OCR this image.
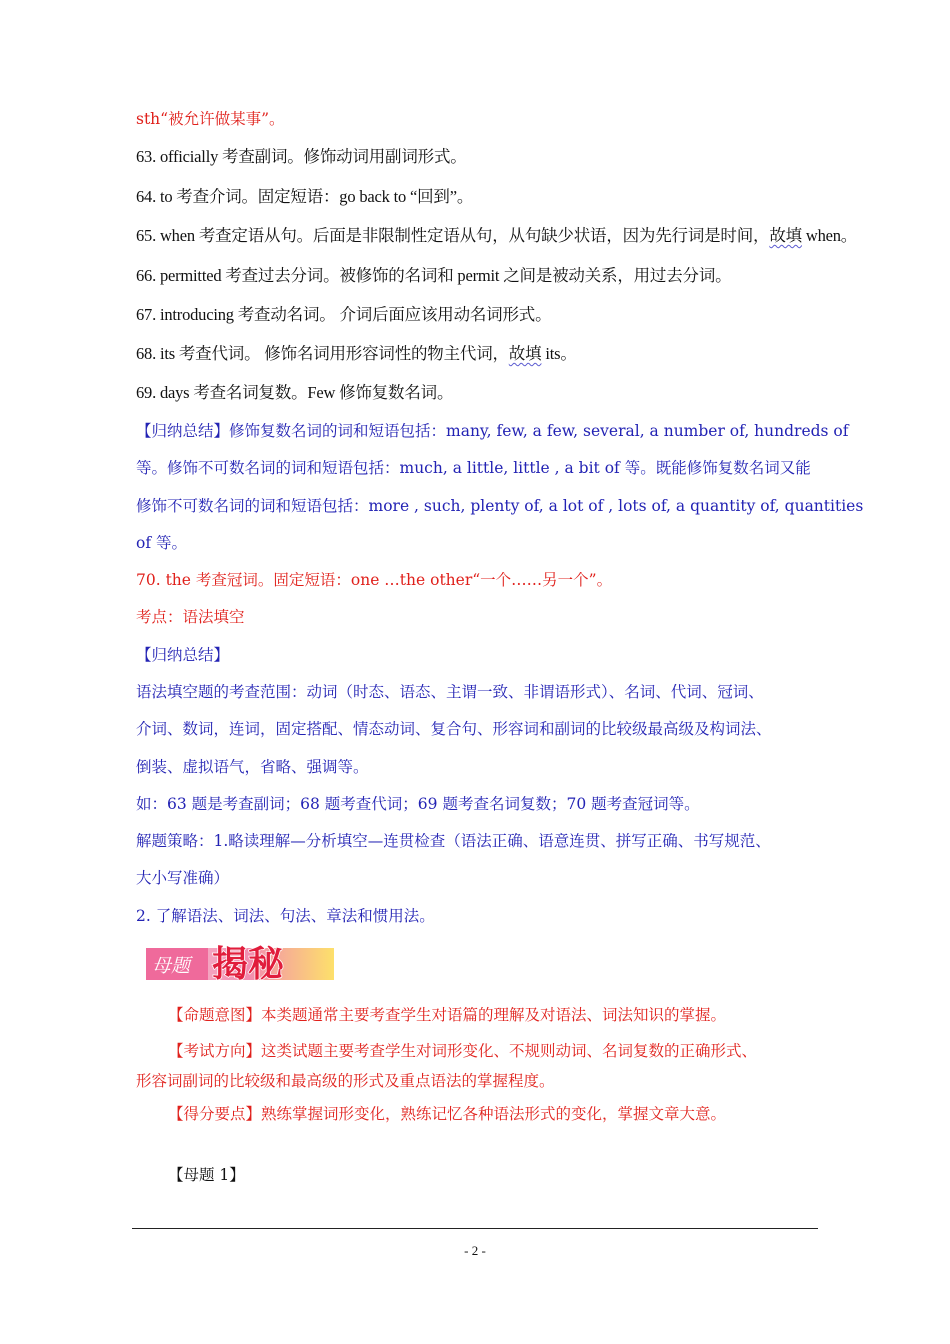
sth“被允许做某事”。
63. officially 考查副词。修饰动词用副词形式。
64. to 考查介词。固定短语：go back to “回到”。
65. when 考查定语从句。后面是非限制性定语从句，从句缺少状语，因为先行词是时间，故填 when。
66. permitted 考查过去分词。被修饰的名词和 permit 之间是被动关系，用过去分词。
67. introducing 考查动名词。 介词后面应该用动名词形式。
68. its 考查代词。 修饰名词用形容词性的物主代词，故填 its。
69. days 考查名词复数。Few 修饰复数名词。
【归纳总结】修饰复数名词的词和短语包括：many, few, a few, several, a number of, hundreds of
等。修饰不可数名词的词和短语包括：much, a little, little , a bit of 等。既能修饰复数名词又能
修饰不可数名词的词和短语包括：more , such, plenty of, a lot of , lots of, a quantity of, quantities
of 等。
70. the 考查冠词。固定短语：one …the other“一个……另一个”。
考点：语法填空
【归纳总结】
语法填空题的考查范围：动词（时态、语态、主谓一致、非谓语形式）、名词、代词、冠词、
介词、数词，连词，固定搭配、情态动词、复合句、形容词和副词的比较级最高级及构词法、
倒装、虚拟语气，省略、强调等。
如：63 题是考查副词；68 题考查代词；69 题考查名词复数；70 题考查冠词等。
解题策略：1.略读理解—分析填空—连贯检查（语法正确、语意连贯、拼写正确、书写规范、
大小写准确）
2. 了解语法、词法、句法、章法和惯用法。
母题 揭秘
【命题意图】本类题通常主要考查学生对语篇的理解及对语法、词法知识的掌握。
【考试方向】这类试题主要考查学生对词形变化、不规则动词、名词复数的正确形式、
形容词副词的比较级和最高级的形式及重点语法的掌握程度。
【得分要点】熟练掌握词形变化，熟练记忆各种语法形式的变化，掌握文章大意。
【母题 1】
- 2 -
